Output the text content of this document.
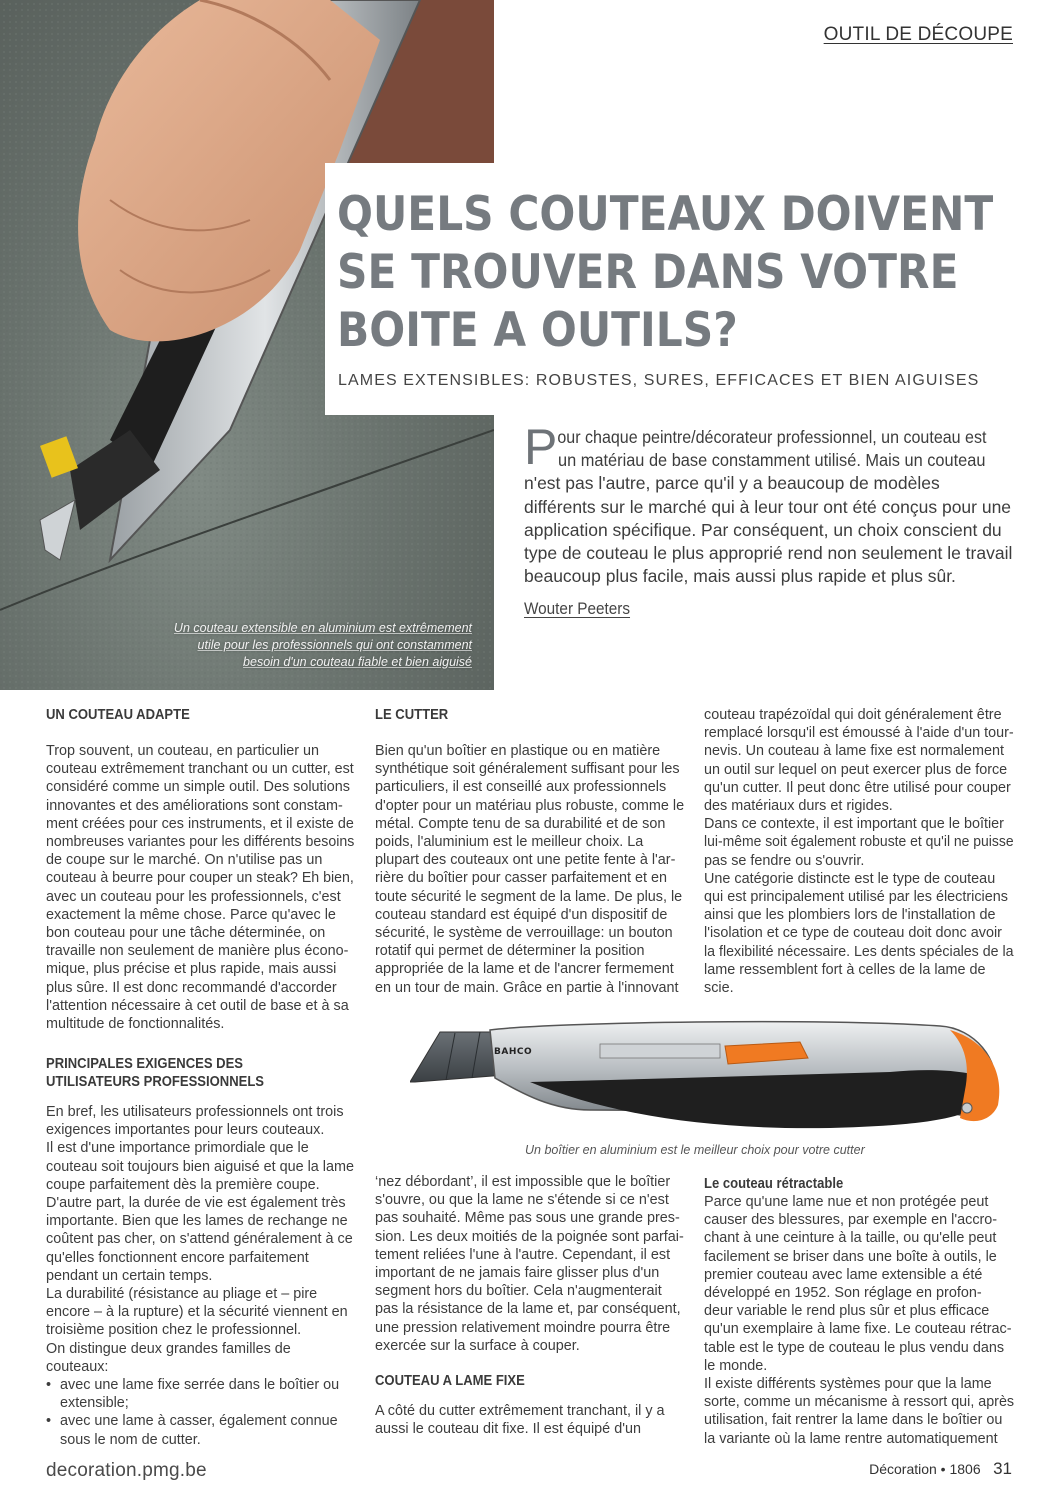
Un couteau extensible en aluminium est extrêmement
utile pour les professionnels qui ont constamment
besoin d'un couteau fiable et bien aiguisé
OUTIL DE DÉCOUPE
QUELS COUTEAUX DOIVENT
SE TROUVER DANS VOTRE
BOITE A OUTILS?
LAMES EXTENSIBLES: ROBUSTES, SURES, EFFICACES ET BIEN AIGUISES
P our chaque peintre/décorateur professionnel, un couteau est
un matériau de base constamment utilisé. Mais un couteau
n'est pas l'autre, parce qu'il y a beaucoup de modèles
différents sur le marché qui à leur tour ont été conçus pour une
application spécifique. Par conséquent, un choix conscient du
type de couteau le plus approprié rend non seulement le travail
beaucoup plus facile, mais aussi plus rapide et plus sûr.
Wouter Peeters
UN COUTEAU ADAPTE
Trop souvent, un couteau, en particulier un
couteau extrêmement tranchant ou un cutter, est
considéré comme un simple outil. Des solutions
innovantes et des améliorations sont constam-
ment créées pour ces instruments, et il existe de
nombreuses variantes pour les différents besoins
de coupe sur le marché. On n'utilise pas un
couteau à beurre pour couper un steak? Eh bien,
avec un couteau pour les professionnels, c'est
exactement la même chose. Parce qu'avec le
bon couteau pour une tâche déterminée, on
travaille non seulement de manière plus écono-
mique, plus précise et plus rapide, mais aussi
plus sûre. Il est donc recommandé d'accorder
l'attention nécessaire à cet outil de base et à sa
multitude de fonctionnalités.
PRINCIPALES EXIGENCES DES
UTILISATEURS PROFESSIONNELS
En bref, les utilisateurs professionnels ont trois
exigences importantes pour leurs couteaux.
Il est d'une importance primordiale que le
couteau soit toujours bien aiguisé et que la lame
coupe parfaitement dès la première coupe.
D'autre part, la durée de vie est également très
importante. Bien que les lames de rechange ne
coûtent pas cher, on s'attend généralement à ce
qu'elles fonctionnent encore parfaitement
pendant un certain temps.
La durabilité (résistance au pliage et – pire
encore – à la rupture) et la sécurité viennent en
troisième position chez le professionnel.
On distingue deux grandes familles de
couteaux:
• avec une lame fixe serrée dans le boîtier ou
extensible;
• avec une lame à casser, également connue
sous le nom de cutter.
LE CUTTER
Bien qu'un boîtier en plastique ou en matière
synthétique soit généralement suffisant pour les
particuliers, il est conseillé aux professionnels
d'opter pour un matériau plus robuste, comme le
métal. Compte tenu de sa durabilité et de son
poids, l'aluminium est le meilleur choix. La
plupart des couteaux ont une petite fente à l'ar-
rière du boîtier pour casser parfaitement et en
toute sécurité le segment de la lame. De plus, le
couteau standard est équipé d'un dispositif de
sécurité, le système de verrouillage: un bouton
rotatif qui permet de déterminer la position
appropriée de la lame et de l'ancrer fermement
en un tour de main. Grâce en partie à l'innovant
‘nez débordant’, il est impossible que le boîtier
s'ouvre, ou que la lame ne s'étende si ce n'est
pas souhaité. Même pas sous une grande pres-
sion. Les deux moitiés de la poignée sont parfai-
tement reliées l'une à l'autre. Cependant, il est
important de ne jamais faire glisser plus d'un
segment hors du boîtier. Cela n'augmenterait
pas la résistance de la lame et, par conséquent,
une pression relativement moindre pourra être
exercée sur la surface à couper.
COUTEAU A LAME FIXE
A côté du cutter extrêmement tranchant, il y a
aussi le couteau dit fixe. Il est équipé d'un
couteau trapézoïdal qui doit généralement être
remplacé lorsqu'il est émoussé à l'aide d'un tour-
nevis. Un couteau à lame fixe est normalement
un outil sur lequel on peut exercer plus de force
qu'un cutter. Il peut donc être utilisé pour couper
des matériaux durs et rigides.
Dans ce contexte, il est important que le boîtier
lui-même soit également robuste et qu'il ne puisse
pas se fendre ou s'ouvrir.
Une catégorie distincte est le type de couteau
qui est principalement utilisé par les électriciens
ainsi que les plombiers lors de l'installation de
l'isolation et ce type de couteau doit donc avoir
la flexibilité nécessaire. Les dents spéciales de la
lame ressemblent fort à celles de la lame de
scie.
Le couteau rétractable
Parce qu'une lame nue et non protégée peut
causer des blessures, par exemple en l'accro-
chant à une ceinture à la taille, ou qu'elle peut
facilement se briser dans une boîte à outils, le
premier couteau avec lame extensible a été
développé en 1952. Son réglage en profon-
deur variable le rend plus sûr et plus efficace
qu'un exemplaire à lame fixe. Le couteau rétrac-
table est le type de couteau le plus vendu dans
le monde.
Il existe différents systèmes pour que la lame
sorte, comme un mécanisme à ressort qui, après
utilisation, fait rentrer la lame dans le boîtier ou
la variante où la lame rentre automatiquement
BAHCO
Un boîtier en aluminium est le meilleur choix pour votre cutter
decoration.pmg.be	Décoration • 1806 31
